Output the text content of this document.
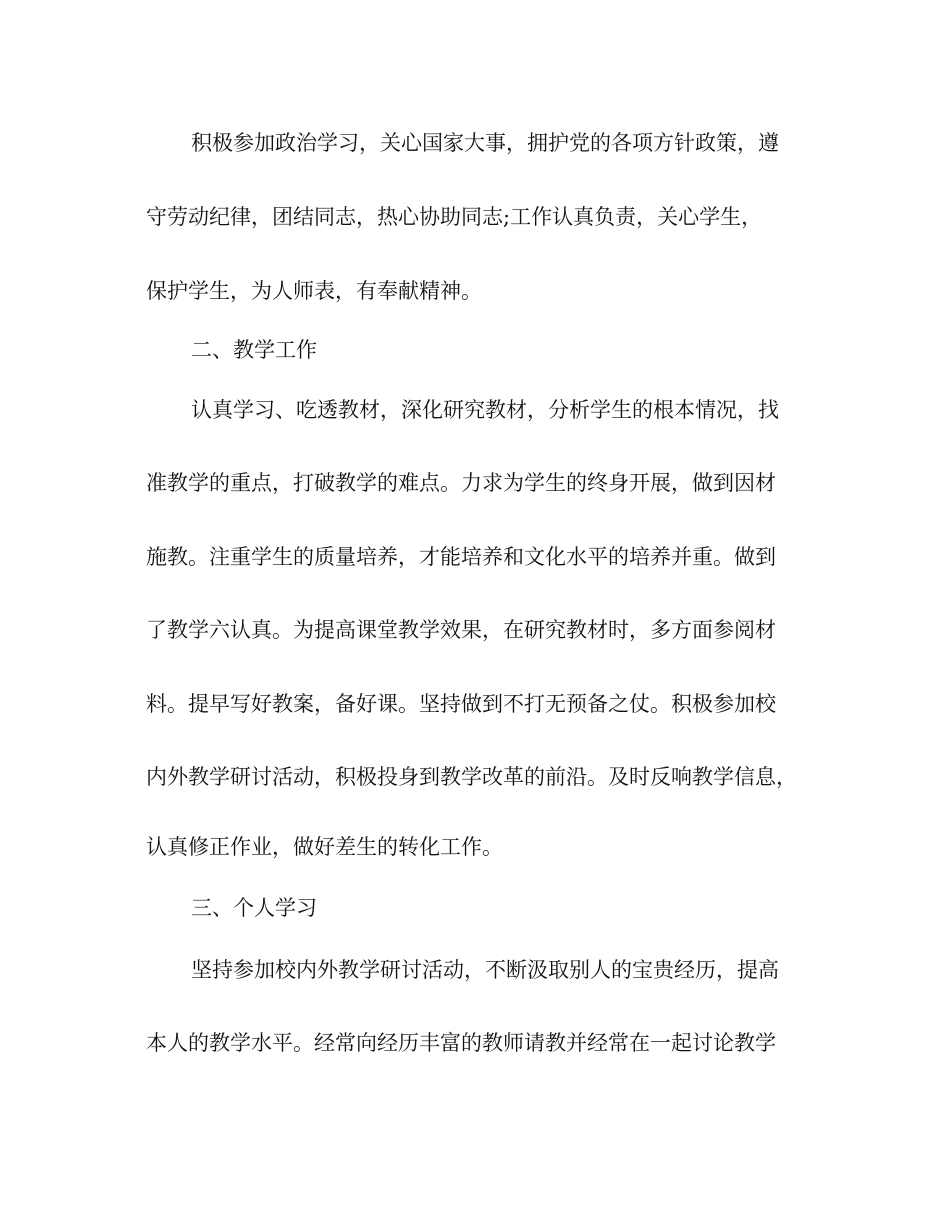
积极参加政治学习，关心国家大事，拥护党的各项方针政策，遵
守劳动纪律，团结同志，热心协助同志;工作认真负责，关心学生，
保护学生，为人师表，有奉献精神。
二、教学工作
认真学习、吃透教材，深化研究教材，分析学生的根本情况，找
准教学的重点，打破教学的难点。力求为学生的终身开展，做到因材
施教。注重学生的质量培养，才能培养和文化水平的培养并重。做到
了教学六认真。为提高课堂教学效果，在研究教材时，多方面参阅材
料。提早写好教案，备好课。坚持做到不打无预备之仗。积极参加校
内外教学研讨活动，积极投身到教学改革的前沿。及时反响教学信息，
认真修正作业，做好差生的转化工作。
三、个人学习
坚持参加校内外教学研讨活动，不断汲取别人的宝贵经历，提高
本人的教学水平。经常向经历丰富的教师请教并经常在一起讨论教学
